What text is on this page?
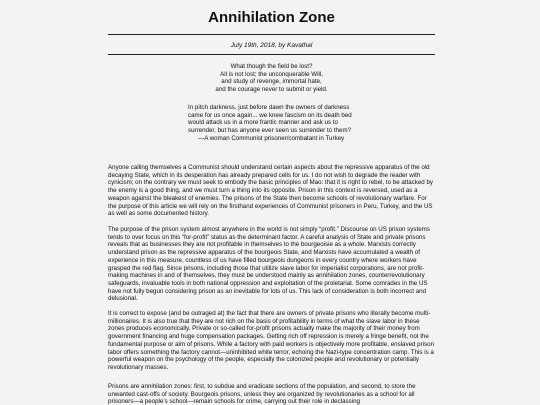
Annihilation Zone
July 19th, 2018, by Kavathal
What though the field be lost?
All is not lost; the unconquerable Will,
and study of revenge, immortal hate,
and the courage never to submit or yield.
In pitch darkness, just before dawn the owners of darkness came for us once again... we knew fascism on its death bed would attack us in a more frantic manner and ask us to surrender, but has anyone ever seen us surrender to them?
—A woman Communist prisoner/combatant in Turkey

Anyone calling themselves a Communist should understand certain aspects about the repressive apparatus of the old decaying State, which in its desperation has already prepared cells for us. I do not wish to degrade the reader with cynicism; on the contrary we must seek to embody the basic principles of Mao: that it is right to rebel, to be attacked by the enemy is a good thing, and we must turn a thing into its opposite. Prison in this context is reversed, used as a weapon against the bleakest of enemies. The prisons of the State then become schools of revolutionary warfare. For the purpose of this article we will rely on the firsthand experiences of Communist prisoners in Peru, Turkey, and the US as well as some documented history.

The purpose of the prison system almost anywhere in the world is not simply “profit.” Discourse on US prison systems tends to over focus on this “for-profit” status as the determinant factor. A careful analysis of State and private prisons reveals that as businesses they are not profitable in themselves to the bourgeoisie as a whole. Marxists correctly understand prison as the repressive apparatus of the bourgeois State, and Marxists have accumulated a wealth of experience in this measure, countless of us have filled bourgeois dungeons in every country where workers have grasped the red flag. Since prisons, including those that utilize slave labor for imperialist corporations, are not profit-making machines in and of themselves, they must be understood mainly as annihilation zones, counterrevolutionary safeguards, invaluable tools in both national oppression and exploitation of the proletariat. Some comrades in the US have not fully begun considering prison as an inevitable for lots of us. This lack of consideration is both incorrect and delusional.

It is correct to expose (and be outraged at) the fact that there are owners of private prisons who literally become multi-millionaires. It is also true that they are not rich on the basis of profitability in terms of what the slave labor in these zones produces economically. Private or so-called for-profit prisons actually make the majority of their money from government financing and huge compensation packages. Getting rich off repression is merely a fringe benefit, not the fundamental purpose or aim of prisons. While a factory with paid workers is objectively more profitable, enslaved prison labor offers something the factory cannot—uninhibited white terror, echoing the Nazi-type concentration camp. This is a powerful weapon on the psychology of the people, especially the colonized people and revolutionary or potentially revolutionary masses.

Prisons are annihilation zones: first, to subdue and eradicate sections of the population, and second, to store the unwanted cast-offs of society. Bourgeois prisons, unless they are organized by revolutionaries as a school for all prisoners—a people’s school—remain schools for crime, carrying out their role in declassing
